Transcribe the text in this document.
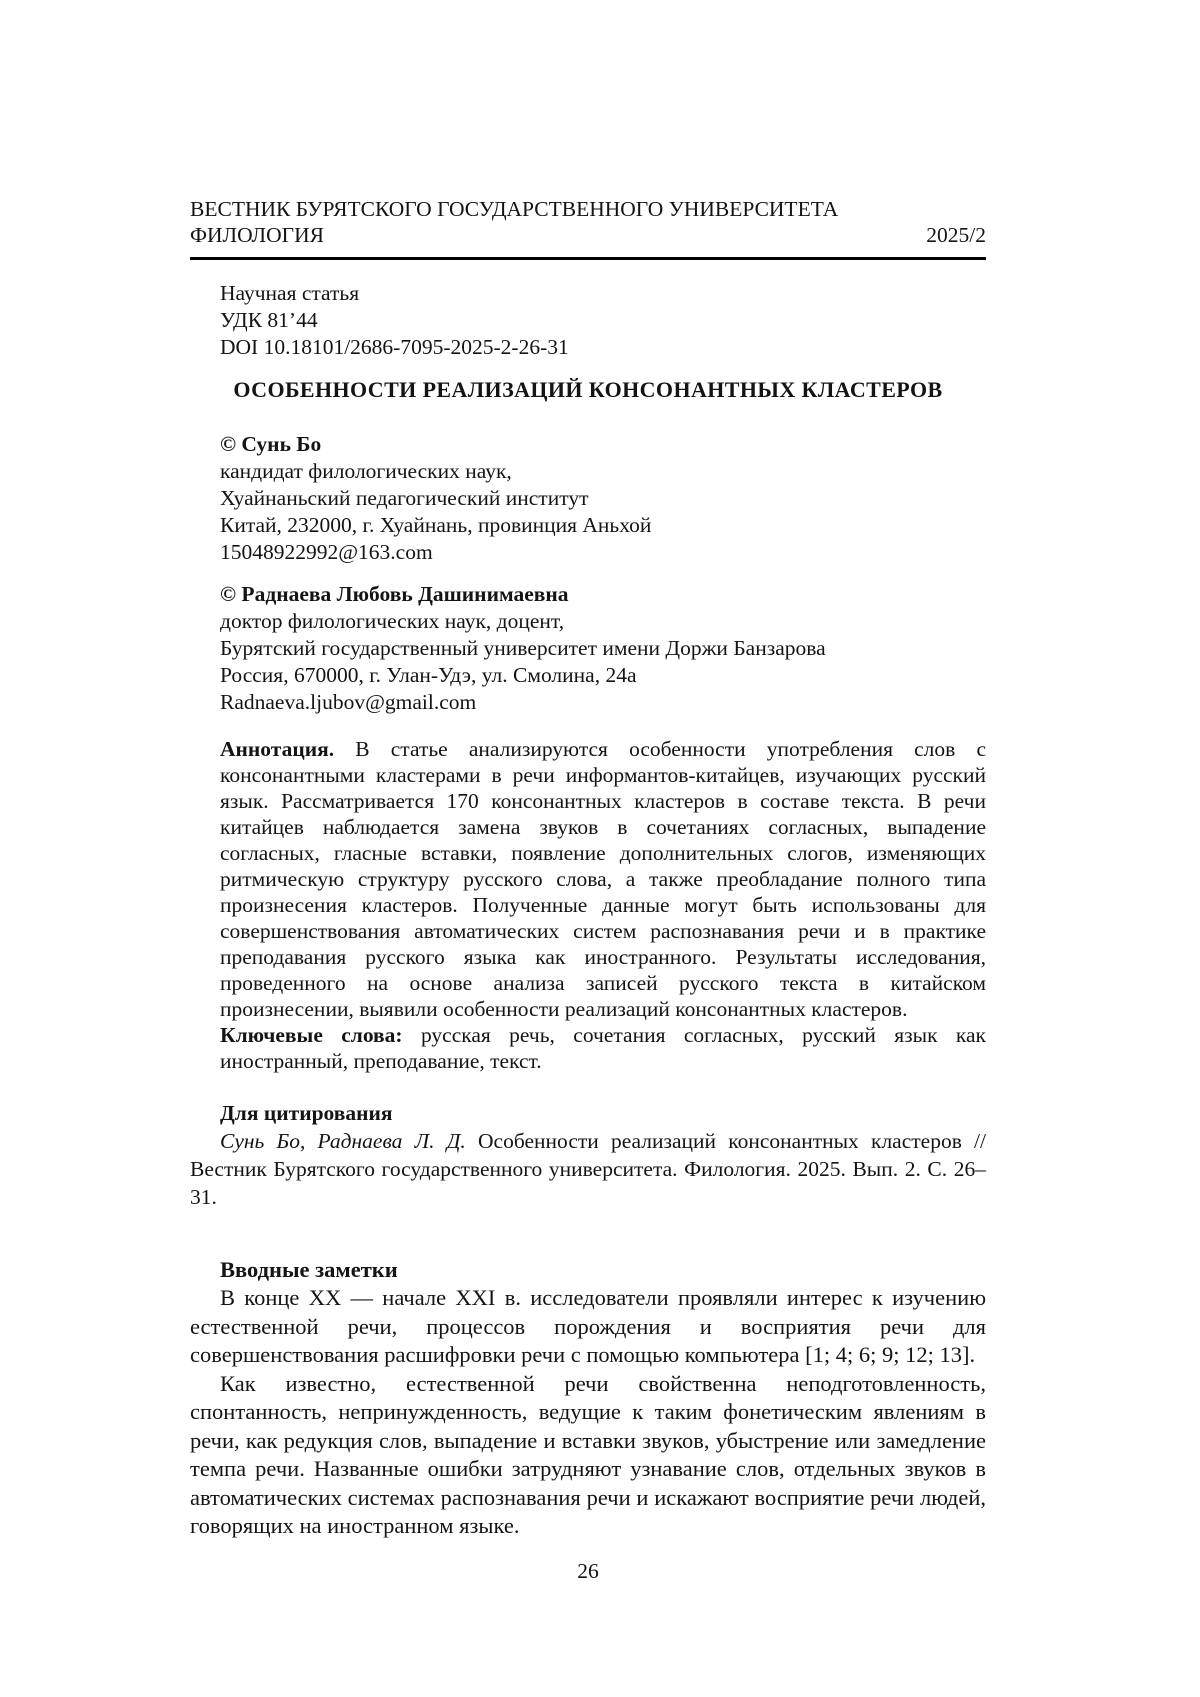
ВЕСТНИК БУРЯТСКОГО ГОСУДАРСТВЕННОГО УНИВЕРСИТЕТА
ФИЛОЛОГИЯ	2025/2
Научная статья
УДК 81’44
DOI 10.18101/2686-7095-2025-2-26-31
ОСОБЕННОСТИ РЕАЛИЗАЦИЙ КОНСОНАНТНЫХ КЛАСТЕРОВ
© Сунь Бо
кандидат филологических наук,
Хуайнаньский педагогический институт
Китай, 232000, г. Хуайнань, провинция Аньхой
15048922992@163.com
© Раднаева Любовь Дашинимаевна
доктор филологических наук, доцент,
Бурятский государственный университет имени Доржи Банзарова
Россия, 670000, г. Улан-Удэ, ул. Смолина, 24а
Radnaeva.ljubov@gmail.com

Аннотация. В статье анализируются особенности употребления слов с консонантными кластерами в речи информантов-китайцев, изучающих русский язык. Рассматривается 170 консонантных кластеров в составе текста. В речи китайцев наблюдается замена звуков в сочетаниях согласных, выпадение согласных, гласные вставки, появление дополнительных слогов, изменяющих ритмическую структуру русского слова, а также преобладание полного типа произнесения кластеров. Полученные данные могут быть использованы для совершенствования автоматических систем распознавания речи и в практике преподавания русского языка как иностранного. Результаты исследования, проведенного на основе анализа записей русского текста в китайском произнесении, выявили особенности реализаций консонантных кластеров.

Ключевые слова: русская речь, сочетания согласных, русский язык как иностранный, преподавание, текст.

Для цитирования

Сунь Бо, Раднаева Л. Д. Особенности реализаций консонантных кластеров // Вестник Бурятского государственного университета. Филология. 2025. Вып. 2. С. 26–31.

Вводные заметки

В конце XX — начале XXI в. исследователи проявляли интерес к изучению естественной речи, процессов порождения и восприятия речи для совершенствования расшифровки речи с помощью компьютера [1; 4; 6; 9; 12; 13].

Как известно, естественной речи свойственна неподготовленность, спонтанность, непринужденность, ведущие к таким фонетическим явлениям в речи, как редукция слов, выпадение и вставки звуков, убыстрение или замедление темпа речи. Названные ошибки затрудняют узнавание слов, отдельных звуков в автоматических системах распознавания речи и искажают восприятие речи людей, говорящих на иностранном языке.

26
